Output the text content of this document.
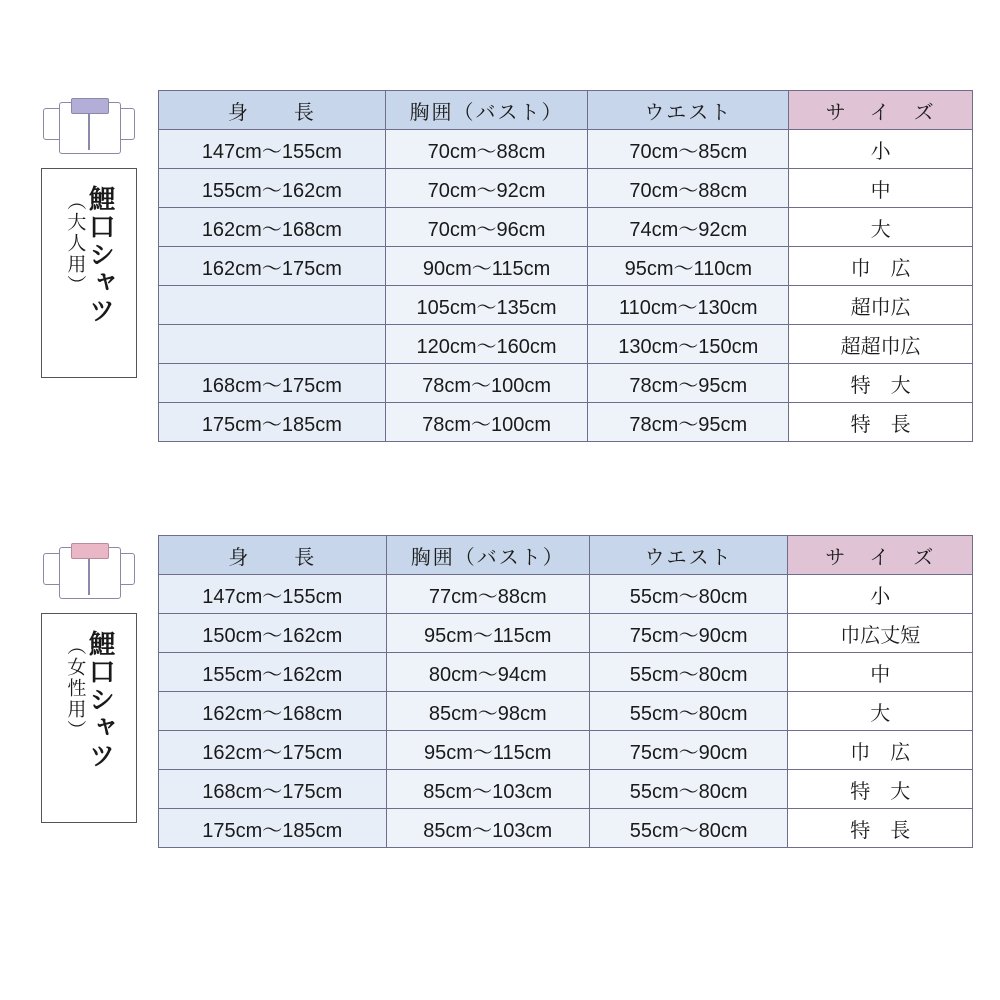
鯉口シャツ
（大人用）
身　　長	胸囲（バスト）	ウエスト	サ　イ　ズ
147cm〜155cm	70cm〜88cm	70cm〜85cm	小
155cm〜162cm	70cm〜92cm	70cm〜88cm	中
162cm〜168cm	70cm〜96cm	74cm〜92cm	大
162cm〜175cm	90cm〜115cm	95cm〜110cm	巾　広
	105cm〜135cm	110cm〜130cm	超巾広
	120cm〜160cm	130cm〜150cm	超超巾広
168cm〜175cm	78cm〜100cm	78cm〜95cm	特　大
175cm〜185cm	78cm〜100cm	78cm〜95cm	特　長
鯉口シャツ
（女性用）
身　　長	胸囲（バスト）	ウエスト	サ　イ　ズ
147cm〜155cm	77cm〜88cm	55cm〜80cm	小
150cm〜162cm	95cm〜115cm	75cm〜90cm	巾広丈短
155cm〜162cm	80cm〜94cm	55cm〜80cm	中
162cm〜168cm	85cm〜98cm	55cm〜80cm	大
162cm〜175cm	95cm〜115cm	75cm〜90cm	巾　広
168cm〜175cm	85cm〜103cm	55cm〜80cm	特　大
175cm〜185cm	85cm〜103cm	55cm〜80cm	特　長
